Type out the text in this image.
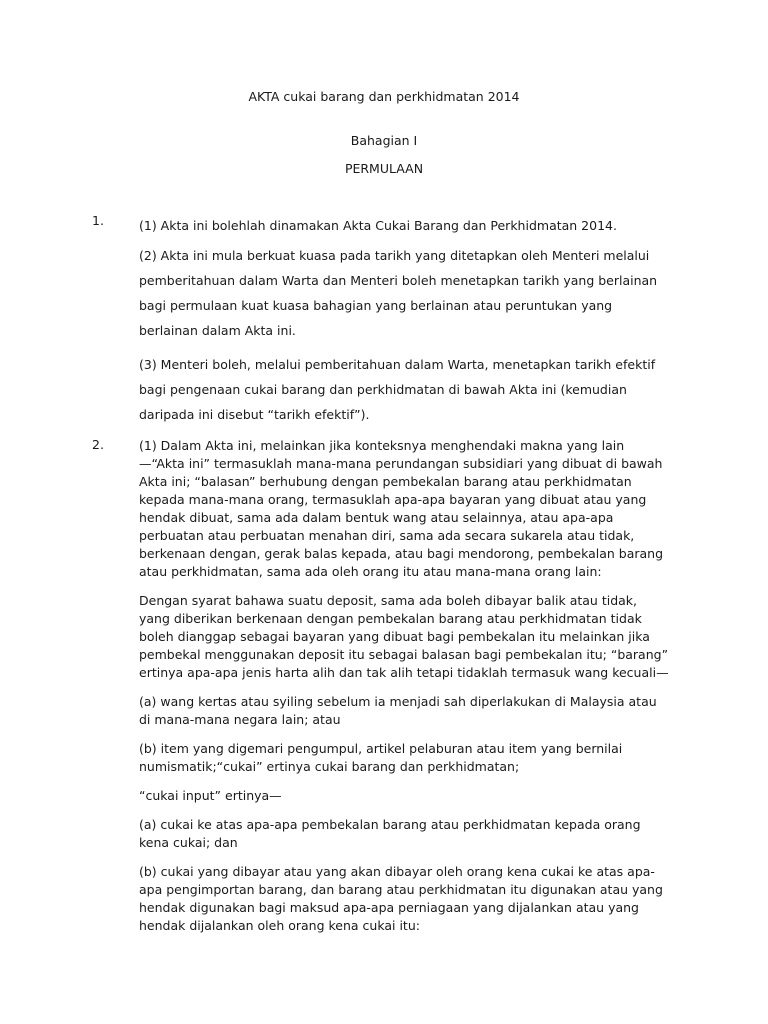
AKTA cukai barang dan perkhidmatan 2014

Bahagian I

PERMULAAN

1.	(1) Akta ini bolehlah dinamakan Akta Cukai Barang dan Perkhidmatan 2014.

(2) Akta ini mula berkuat kuasa pada tarikh yang ditetapkan oleh Menteri melalui pemberitahuan dalam Warta dan Menteri boleh menetapkan tarikh yang berlainan bagi permulaan kuat kuasa bahagian yang berlainan atau peruntukan yang berlainan dalam Akta ini.

(3) Menteri boleh, melalui pemberitahuan dalam Warta, menetapkan tarikh efektif bagi pengenaan cukai barang dan perkhidmatan di bawah Akta ini (kemudian daripada ini disebut “tarikh efektif”).

2.	(1) Dalam Akta ini, melainkan jika konteksnya menghendaki makna yang lain—“Akta ini” termasuklah mana-mana perundangan subsidiari yang dibuat di bawah Akta ini; “balasan” berhubung dengan pembekalan barang atau perkhidmatan kepada mana-mana orang, termasuklah apa-apa bayaran yang dibuat atau yang hendak dibuat, sama ada dalam bentuk wang atau selainnya, atau apa-apa perbuatan atau perbuatan menahan diri, sama ada secara sukarela atau tidak, berkenaan dengan, gerak balas kepada, atau bagi mendorong, pembekalan barang atau perkhidmatan, sama ada oleh orang itu atau mana-mana orang lain:

Dengan syarat bahawa suatu deposit, sama ada boleh dibayar balik atau tidak, yang diberikan berkenaan dengan pembekalan barang atau perkhidmatan tidak boleh dianggap sebagai bayaran yang dibuat bagi pembekalan itu melainkan jika pembekal menggunakan deposit itu sebagai balasan bagi pembekalan itu; “barang” ertinya apa-apa jenis harta alih dan tak alih tetapi tidaklah termasuk wang kecuali—

(a) wang kertas atau syiling sebelum ia menjadi sah diperlakukan di Malaysia atau di mana-mana negara lain; atau

(b) item yang digemari pengumpul, artikel pelaburan atau item yang bernilai numismatik;“cukai” ertinya cukai barang dan perkhidmatan;

“cukai input” ertinya—

(a) cukai ke atas apa-apa pembekalan barang atau perkhidmatan kepada orang kena cukai; dan

(b) cukai yang dibayar atau yang akan dibayar oleh orang kena cukai ke atas apa-apa pengimportan barang, dan barang atau perkhidmatan itu digunakan atau yang hendak digunakan bagi maksud apa-apa perniagaan yang dijalankan atau yang hendak dijalankan oleh orang kena cukai itu:
